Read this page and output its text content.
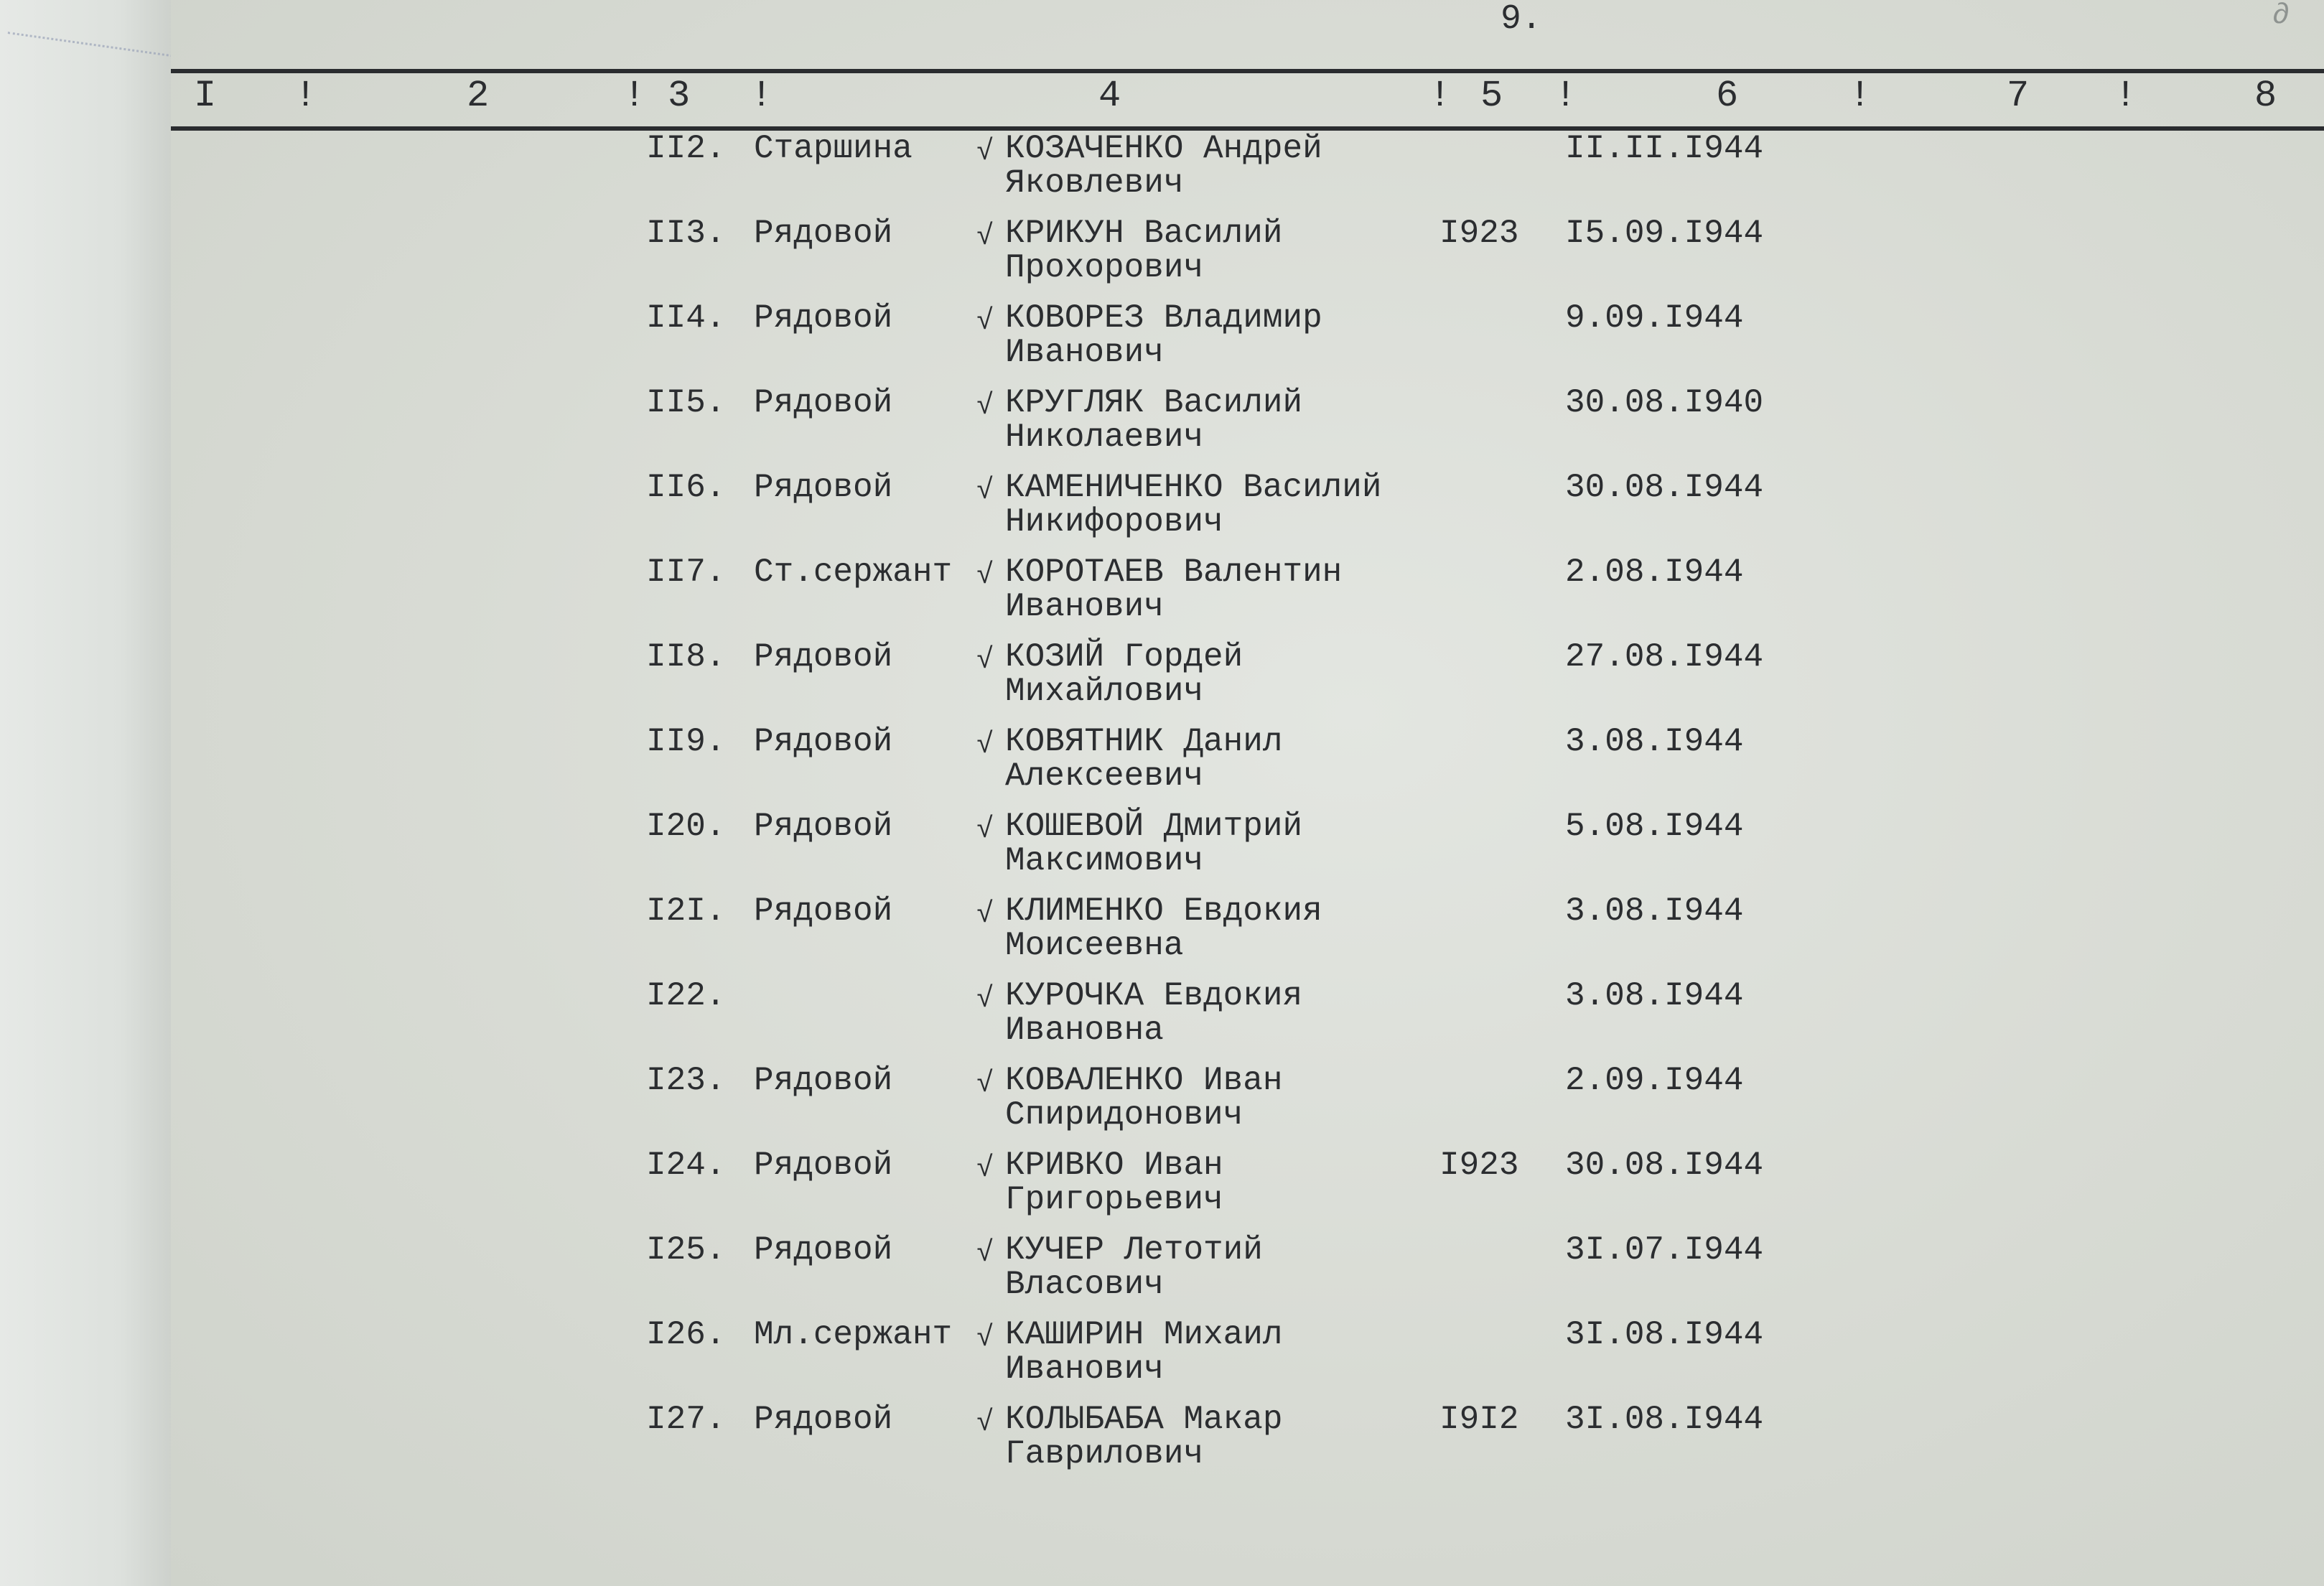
9.	∂
I !	2	! 3 !	4	! 5 !	6	!	7 !	8
II2. Старшина √ КОЗАЧЕНКО Андрей
Яковлевич
II.II.I944
II3. Рядовой	√ КРИКУН Василий
Прохорович
I923 I5.09.I944
II4. Рядовой	√ КОВОРЕЗ Владимир
Иванович
9.09.I944
II5. Рядовой	√ КРУГЛЯК Василий
Николаевич
30.08.I940
II6. Рядовой	√ КАМЕНИЧЕНКО Василий
Никифорович
30.08.I944
II7. Ст.сержант √ КОРОТАЕВ Валентин
Иванович
2.08.I944
II8. Рядовой	√ КОЗИЙ Гордей
Михайлович
27.08.I944
II9. Рядовой	√ КОВЯТНИК Данил
Алексеевич
3.08.I944
I20. Рядовой	√ КОШЕВОЙ Дмитрий
Максимович
5.08.I944
I2I. Рядовой	√ КЛИМЕНКО Евдокия
Моисеевна
3.08.I944
I22.	√ КУРОЧКА Евдокия
Ивановна
3.08.I944
I23. Рядовой	√ КОВАЛЕНКО Иван
Спиридонович
2.09.I944
I24. Рядовой	√ КРИВКО Иван
Григорьевич
I923 30.08.I944
I25. Рядовой	√ КУЧЕР Летотий
Власович
3I.07.I944
I26. Мл.сержант √ КАШИРИН Михаил
Иванович
3I.08.I944
I27. Рядовой	√ КОЛЫБАБА Макар
Гаврилович
I9I2 3I.08.I944
